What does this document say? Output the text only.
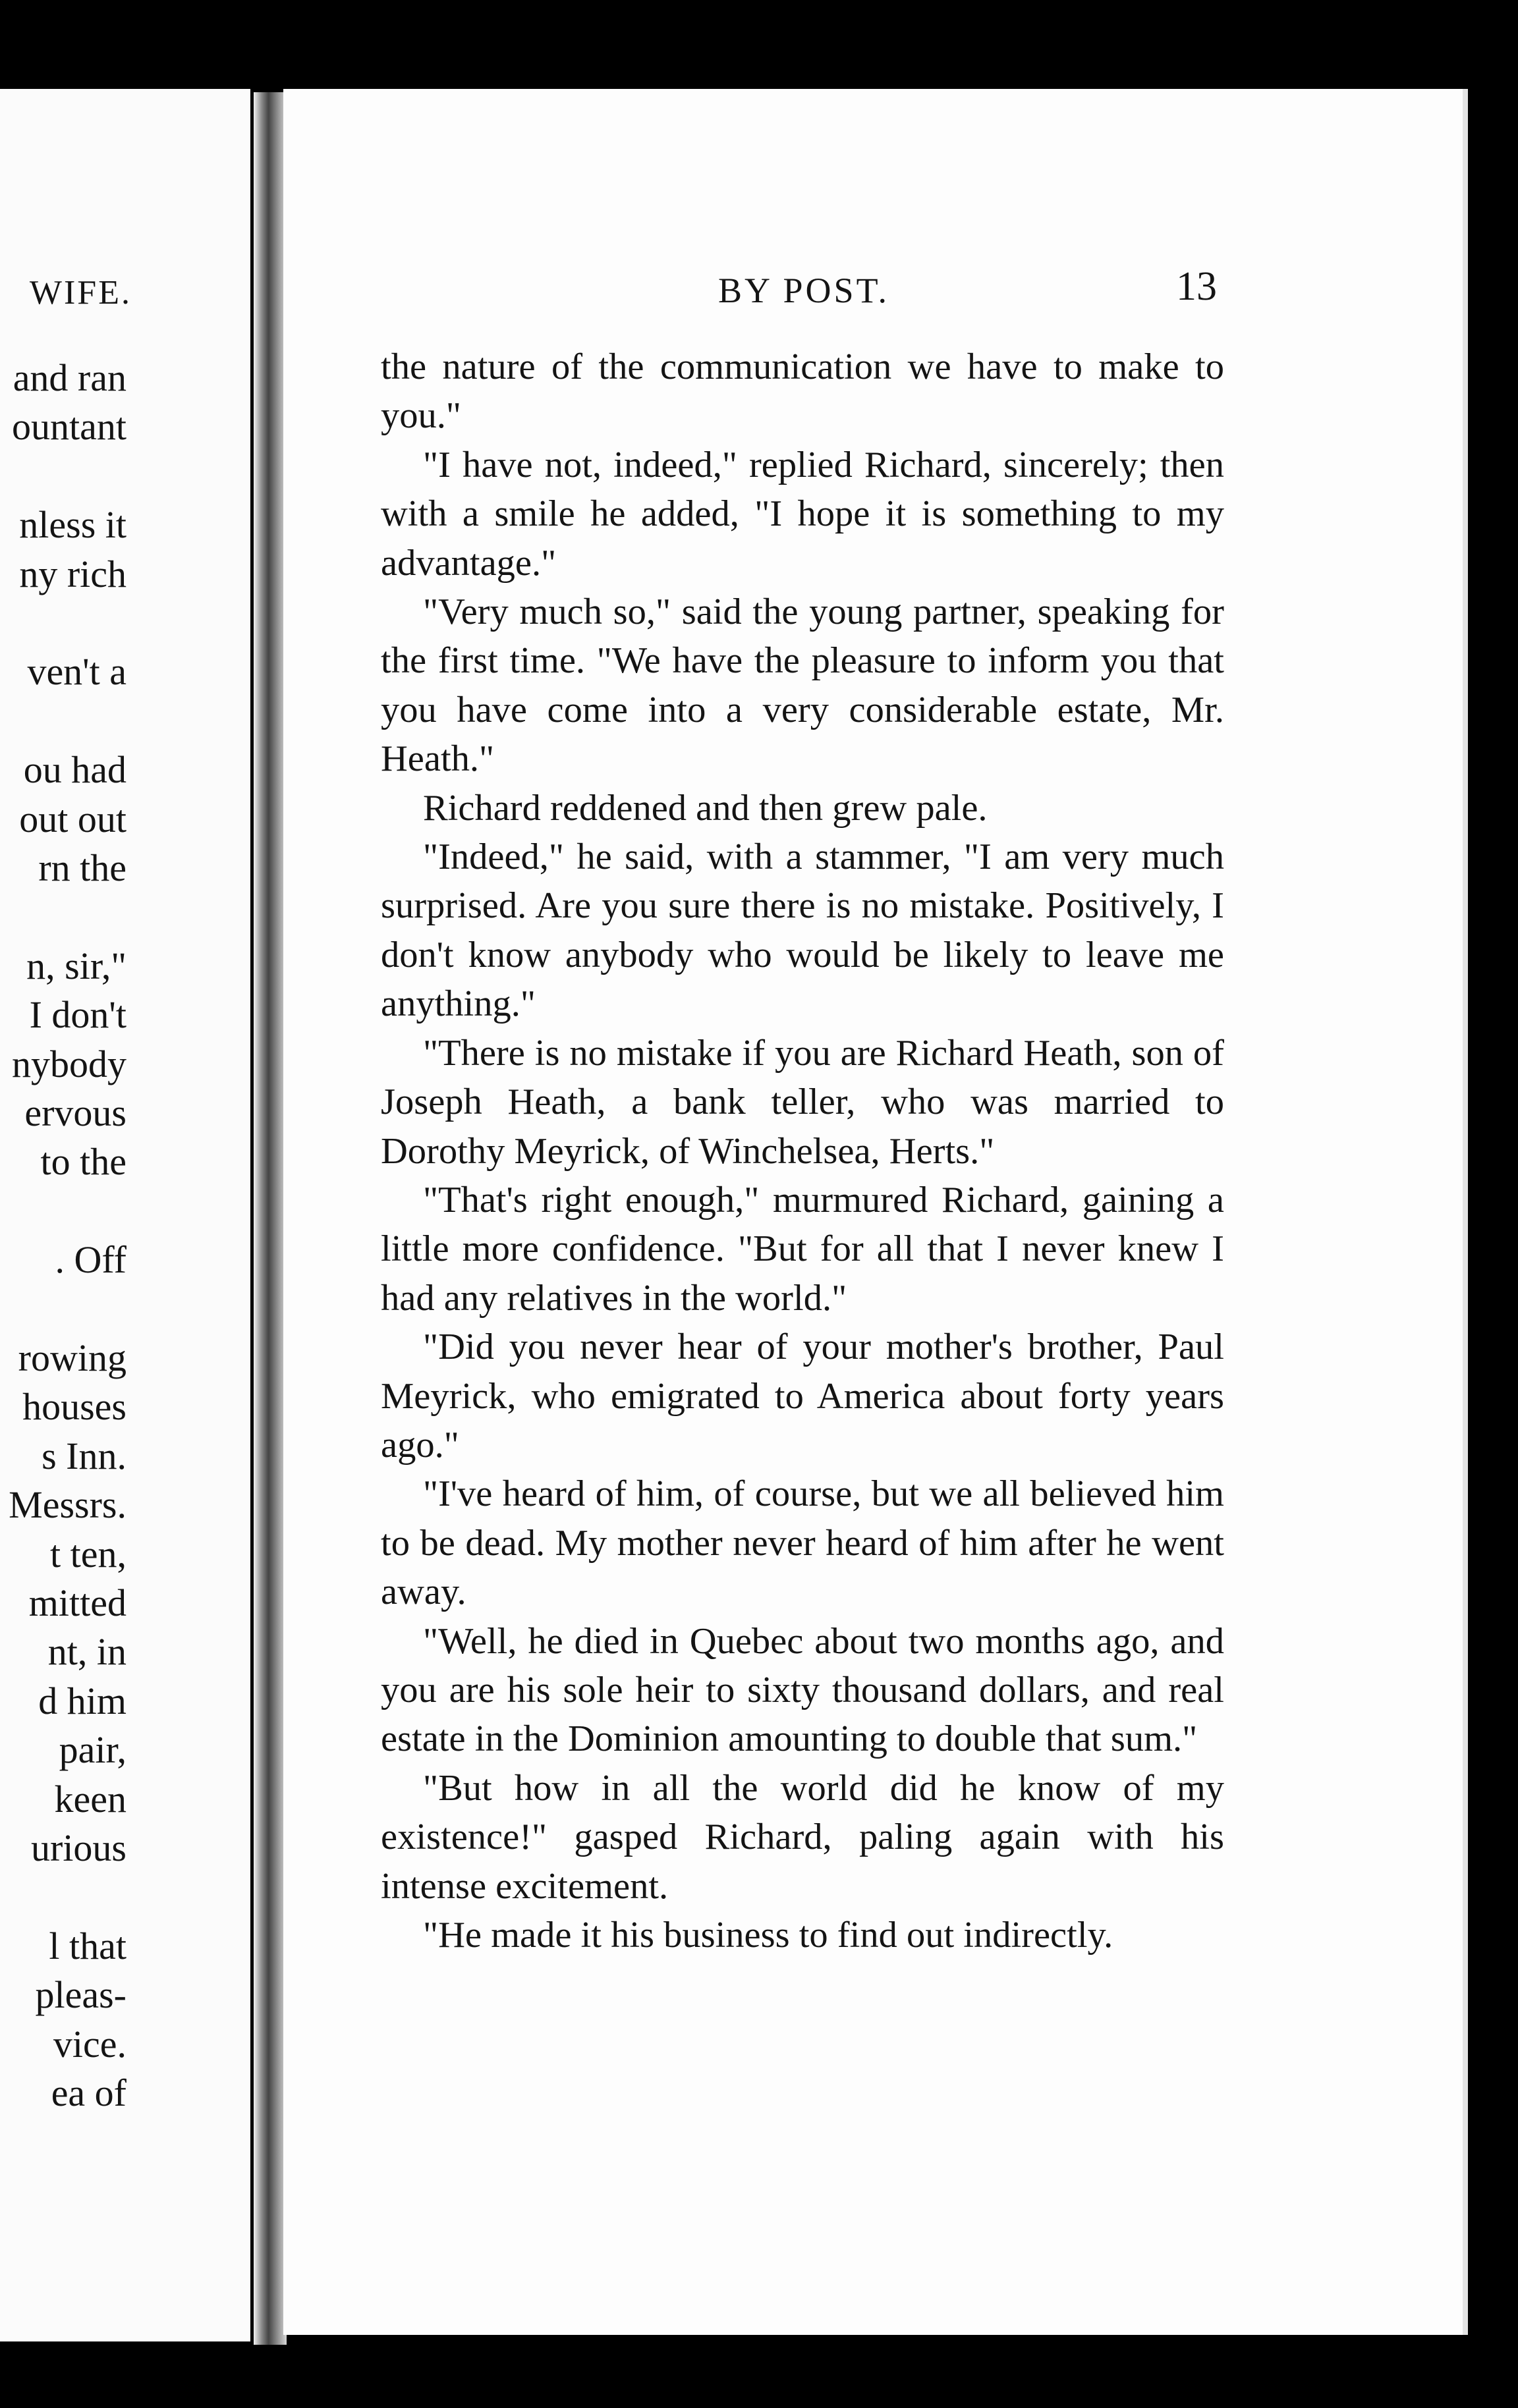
WIFE.
and ran
ountant
nless it
ny rich
ven't a
ou had
out out
rn the
n, sir,"
I don't
nybody
ervous
to the
. Off
rowing
houses
s Inn.
Messrs.
t ten,
mitted
nt, in
d him
pair,
keen
urious
l that
pleas-
vice.
ea of
BY POST.	13

the nature of the communication we have to make to you."

"I have not, indeed," replied Richard, sincerely; then with a smile he added, "I hope it is something to my advantage."

"Very much so," said the young partner, speaking for the first time. "We have the pleasure to inform you that you have come into a very considerable estate, Mr. Heath."

Richard reddened and then grew pale.

"Indeed," he said, with a stammer, "I am very much surprised. Are you sure there is no mistake. Positively, I don't know anybody who would be likely to leave me anything."

"There is no mistake if you are Richard Heath, son of Joseph Heath, a bank teller, who was married to Dorothy Meyrick, of Winchelsea, Herts."

"That's right enough," murmured Richard, gaining a little more confidence. "But for all that I never knew I had any relatives in the world."

"Did you never hear of your mother's brother, Paul Meyrick, who emigrated to America about forty years ago."

"I've heard of him, of course, but we all believed him to be dead. My mother never heard of him after he went away.

"Well, he died in Quebec about two months ago, and you are his sole heir to sixty thousand dollars, and real estate in the Dominion amounting to double that sum."

"But how in all the world did he know of my existence!" gasped Richard, paling again with his intense excitement.

"He made it his business to find out indirectly.
